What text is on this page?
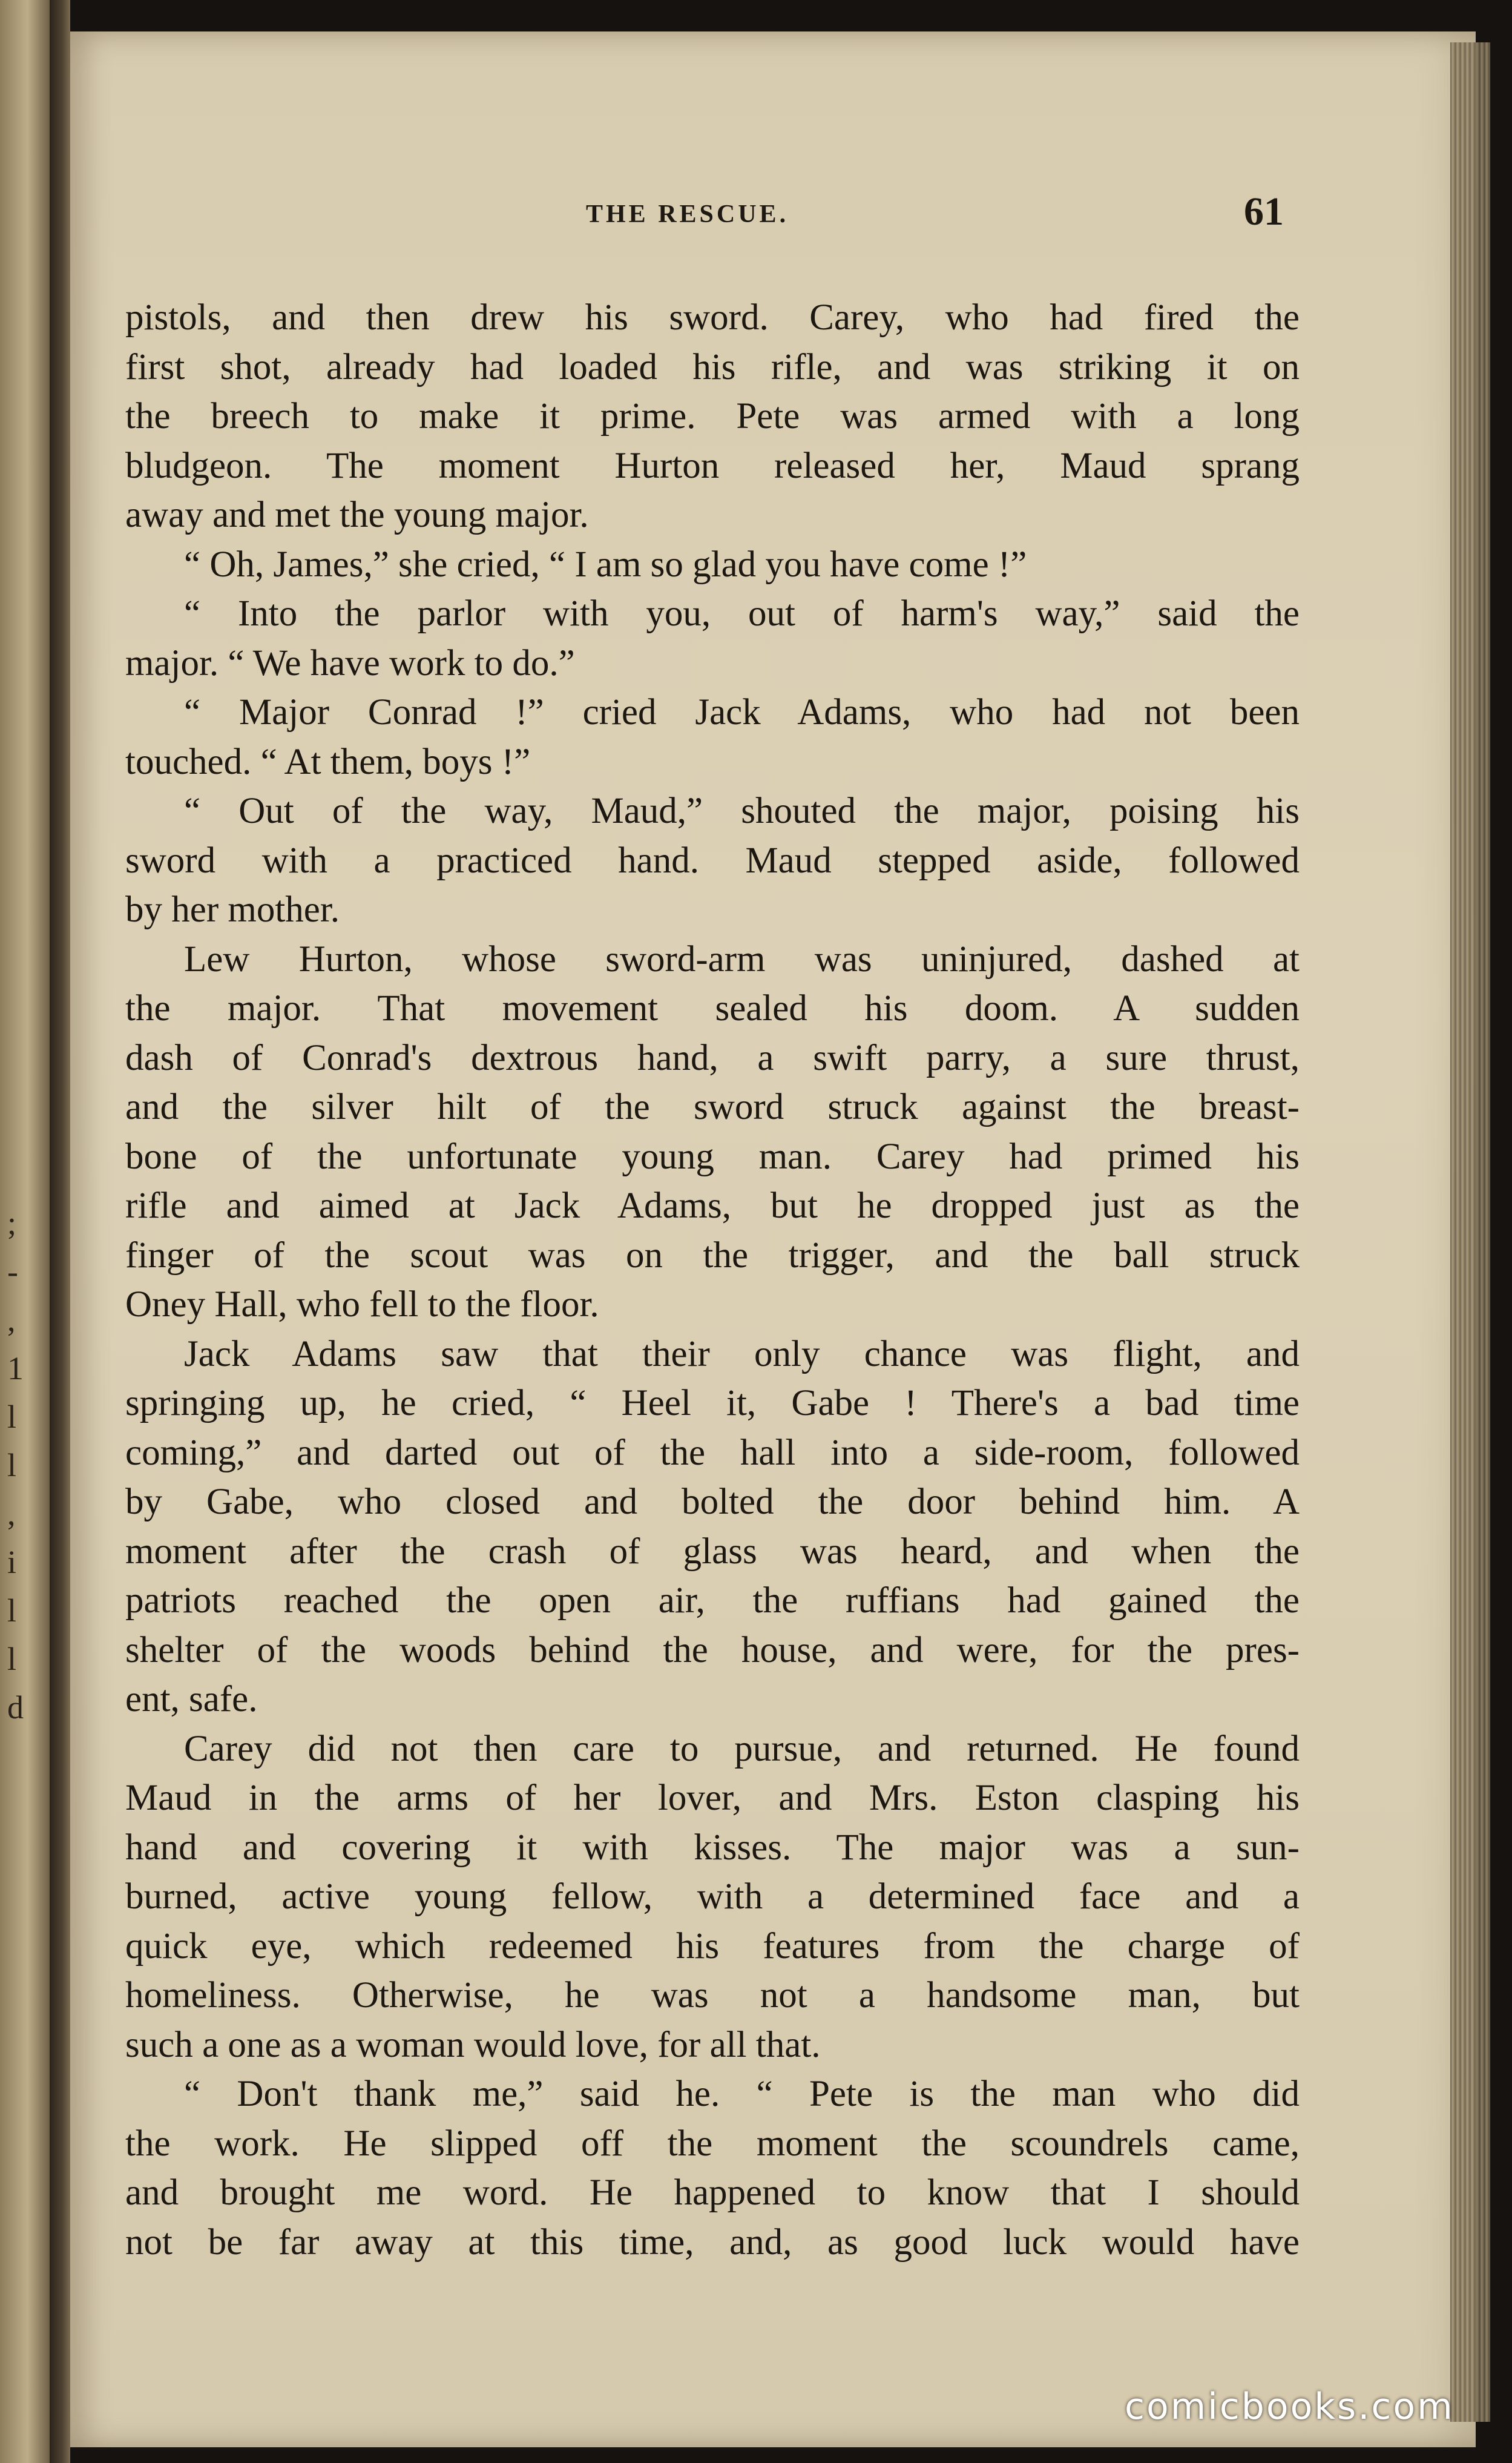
;
-
,
1
l
l
,
i
l
l
d
THE RESCUE.	61
pistols, and then drew his sword. Carey, who had fired the
first shot, already had loaded his rifle, and was striking it on
the breech to make it prime. Pete was armed with a long
bludgeon. The moment Hurton released her, Maud sprang
away and met the young major.
“ Oh, James,” she cried, “ I am so glad you have come !”
“ Into the parlor with you, out of harm's way,” said the
major. “ We have work to do.”
“ Major Conrad !” cried Jack Adams, who had not been
touched. “ At them, boys !”
“ Out of the way, Maud,” shouted the major, poising his
sword with a practiced hand. Maud stepped aside, followed
by her mother.
Lew Hurton, whose sword-arm was uninjured, dashed at
the major. That movement sealed his doom. A sudden
dash of Conrad's dextrous hand, a swift parry, a sure thrust,
and the silver hilt of the sword struck against the breast-
bone of the unfortunate young man. Carey had primed his
rifle and aimed at Jack Adams, but he dropped just as the
finger of the scout was on the trigger, and the ball struck
Oney Hall, who fell to the floor.
Jack Adams saw that their only chance was flight, and
springing up, he cried, “ Heel it, Gabe ! There's a bad time
coming,” and darted out of the hall into a side-room, followed
by Gabe, who closed and bolted the door behind him. A
moment after the crash of glass was heard, and when the
patriots reached the open air, the ruffians had gained the
shelter of the woods behind the house, and were, for the pres-
ent, safe.
Carey did not then care to pursue, and returned. He found
Maud in the arms of her lover, and Mrs. Eston clasping his
hand and covering it with kisses. The major was a sun-
burned, active young fellow, with a determined face and a
quick eye, which redeemed his features from the charge of
homeliness. Otherwise, he was not a handsome man, but
such a one as a woman would love, for all that.
“ Don't thank me,” said he. “ Pete is the man who did
the work. He slipped off the moment the scoundrels came,
and brought me word. He happened to know that I should
not be far away at this time, and, as good luck would have
comicbooks.com
